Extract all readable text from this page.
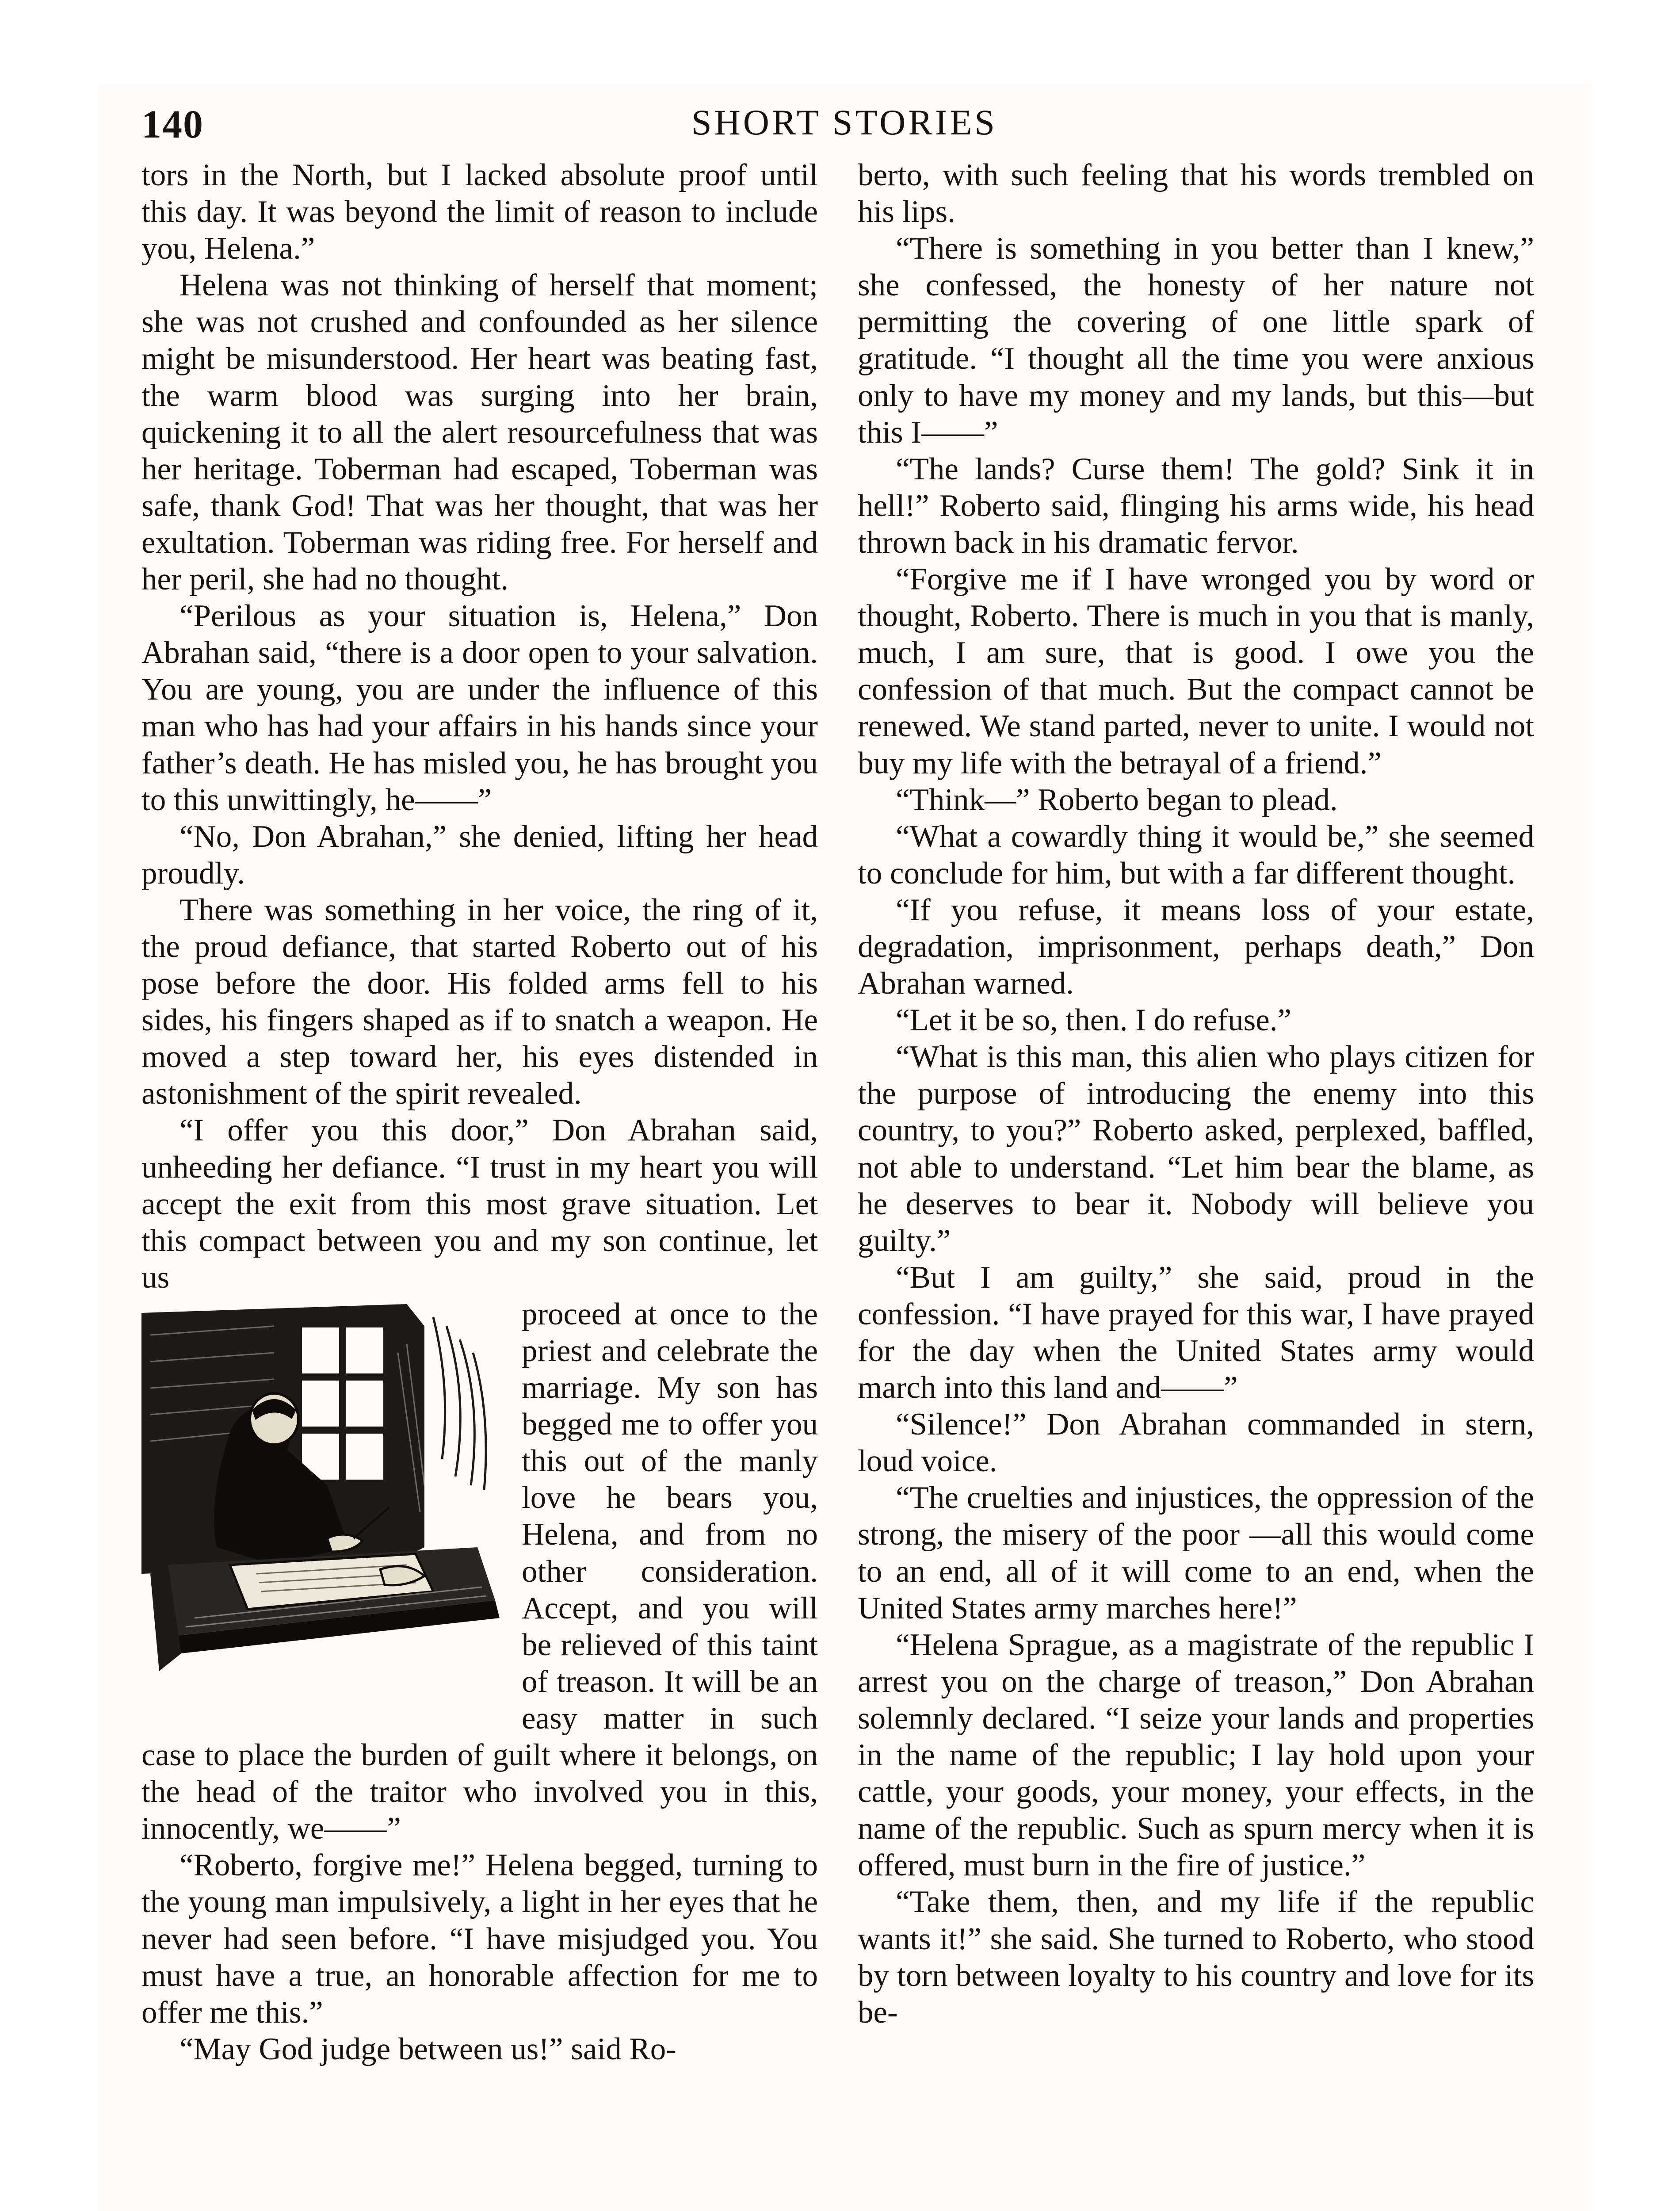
140	SHORT STORIES

tors in the North, but I lacked absolute proof until this day. It was beyond the limit of reason to include you, Helena.”

Helena was not thinking of herself that moment; she was not crushed and confounded as her silence might be misunderstood. Her heart was beating fast, the warm blood was surging into her brain, quickening it to all the alert resourcefulness that was her heritage. Toberman had escaped, Toberman was safe, thank God! That was her thought, that was her exultation. Toberman was riding free. For herself and her peril, she had no thought.

“Perilous as your situation is, Helena,” Don Abrahan said, “there is a door open to your salvation. You are young, you are under the influence of this man who has had your affairs in his hands since your father’s death. He has misled you, he has brought you to this unwittingly, he——”

“No, Don Abrahan,” she denied, lifting her head proudly.

There was something in her voice, the ring of it, the proud defiance, that started Roberto out of his pose before the door. His folded arms fell to his sides, his fingers shaped as if to snatch a weapon. He moved a step toward her, his eyes distended in astonishment of the spirit revealed.

“I offer you this door,” Don Abrahan said, unheeding her defiance. “I trust in my heart you will accept the exit from this most grave situation. Let this compact between you and my son continue, let us

proceed at once to the priest and celebrate the marriage. My son has begged me to offer you this out of the manly love he bears you, Helena, and from no other consideration. Accept, and you will be relieved of this taint of treason. It will be an easy matter in such case to place the burden of guilt where it belongs, on the head of the traitor who involved you in this, innocently, we——”

“Roberto, forgive me!” Helena begged, turning to the young man impulsively, a light in her eyes that he never had seen before. “I have misjudged you. You must have a true, an honorable affection for me to offer me this.”

“May God judge between us!” said Ro-

berto, with such feeling that his words trembled on his lips.

“There is something in you better than I knew,” she confessed, the honesty of her nature not permitting the covering of one little spark of gratitude. “I thought all the time you were anxious only to have my money and my lands, but this—but this I——”

“The lands? Curse them! The gold? Sink it in hell!” Roberto said, flinging his arms wide, his head thrown back in his dramatic fervor.

“Forgive me if I have wronged you by word or thought, Roberto. There is much in you that is manly, much, I am sure, that is good. I owe you the confession of that much. But the compact cannot be renewed. We stand parted, never to unite. I would not buy my life with the betrayal of a friend.”

“Think—” Roberto began to plead.

“What a cowardly thing it would be,” she seemed to conclude for him, but with a far different thought.

“If you refuse, it means loss of your estate, degradation, imprisonment, perhaps death,” Don Abrahan warned.

“Let it be so, then. I do refuse.”

“What is this man, this alien who plays citizen for the purpose of introducing the enemy into this country, to you?” Roberto asked, perplexed, baffled, not able to understand. “Let him bear the blame, as he deserves to bear it. Nobody will believe you guilty.”

“But I am guilty,” she said, proud in the confession. “I have prayed for this war, I have prayed for the day when the United States army would march into this land and——”

“Silence!” Don Abrahan commanded in stern, loud voice.

“The cruelties and injustices, the oppression of the strong, the misery of the poor —all this would come to an end, all of it will come to an end, when the United States army marches here!”

“Helena Sprague, as a magistrate of the republic I arrest you on the charge of treason,” Don Abrahan solemnly declared. “I seize your lands and properties in the name of the republic; I lay hold upon your cattle, your goods, your money, your effects, in the name of the republic. Such as spurn mercy when it is offered, must burn in the fire of justice.”

“Take them, then, and my life if the republic wants it!” she said. She turned to Roberto, who stood by torn between loyalty to his country and love for its be-
